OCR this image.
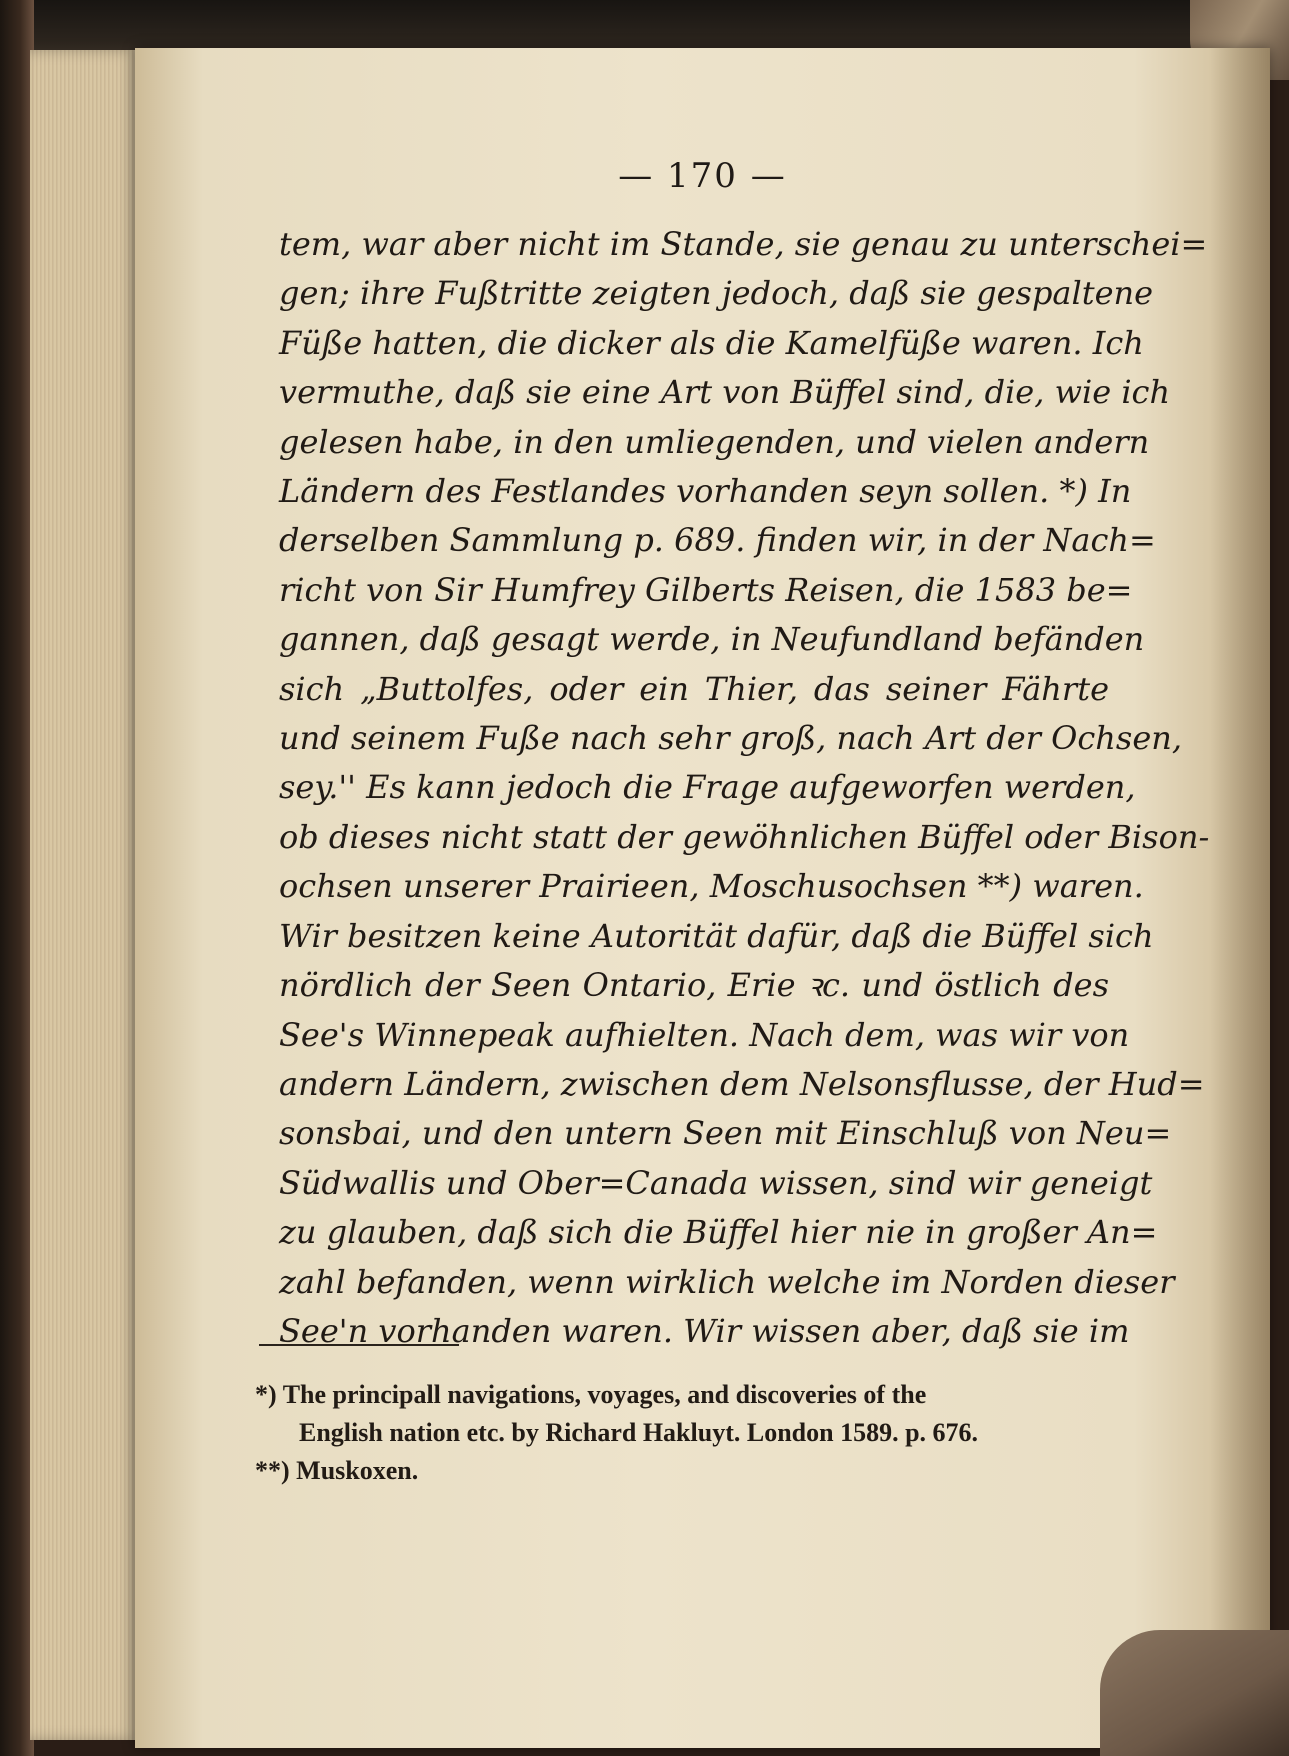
— 170 —
tem, war aber nicht im Stande, sie genau zu unterschei=
gen; ihre Fußtritte zeigten jedoch, daß sie gespaltene
Füße hatten, die dicker als die Kamelfüße waren. Ich
vermuthe, daß sie eine Art von Büffel sind, die, wie ich
gelesen habe, in den umliegenden, und vielen andern
Ländern des Festlandes vorhanden seyn sollen. *) In
derselben Sammlung p. 689. finden wir, in der Nach=
richt von Sir Humfrey Gilberts Reisen, die 1583 be=
gannen, daß gesagt werde, in Neufundland befänden
sich „Buttolfes, oder ein Thier, das seiner Fährte
und seinem Fuße nach sehr groß, nach Art der Ochsen,
sey.'' Es kann jedoch die Frage aufgeworfen werden,
ob dieses nicht statt der gewöhnlichen Büffel oder Bison-
ochsen unserer Prairieen, Moschusochsen **) waren.
Wir besitzen keine Autorität dafür, daß die Büffel sich
nördlich der Seen Ontario, Erie ꝛc. und östlich des
See's Winnepeak aufhielten. Nach dem, was wir von
andern Ländern, zwischen dem Nelsonsflusse, der Hud=
sonsbai, und den untern Seen mit Einschluß von Neu=
Südwallis und Ober=Canada wissen, sind wir geneigt
zu glauben, daß sich die Büffel hier nie in großer An=
zahl befanden, wenn wirklich welche im Norden dieser
See'n vorhanden waren. Wir wissen aber, daß sie im
*) The principall navigations, voyages, and discoveries of the
English nation etc. by Richard Hakluyt. London 1589. p. 676.
**) Muskoxen.
